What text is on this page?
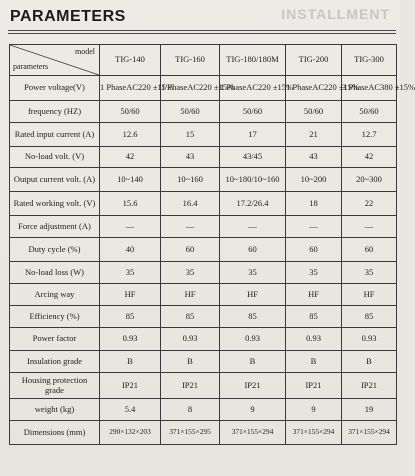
INSTALLMENT
PARAMETERS
model
parameters	TIG-140	TIG-160	TIG-180/180M	TIG-200	TIG-300
Power voltage(V)	1 PhaseAC220 ±15%	1 PhaseAC220 ±15%	1 PhaseAC220 ±15%	1 PhaseAC220 ±15%	3 PhaseAC380 ±15%
frequency (HZ)	50/60	50/60	50/60	50/60	50/60
Rated input current (A)	12.6	15	17	21	12.7
No-load volt. (V)	42	43	43/45	43	42
Output current volt. (A)	10~140	10~160	10~180/10~160	10~200	20~300
Rated working volt. (V)	15.6	16.4	17.2/26.4	18	22
Force adjustment (A)	—	—	—	—	—
Duty cycle (%)	40	60	60	60	60
No-load loss (W)	35	35	35	35	35
Arcing way	HF	HF	HF	HF	HF
Efficiency (%)	85	85	85	85	85
Power factor	0.93	0.93	0.93	0.93	0.93
Insulation grade	B	B	B	B	B
Housing protection grade	IP21	IP21	IP21	IP21	IP21
weight (kg)	5.4	8	9	9	19
Dimensions (mm)	290×132×203	371×155×295	371×155×294	371×155×294	371×155×294
